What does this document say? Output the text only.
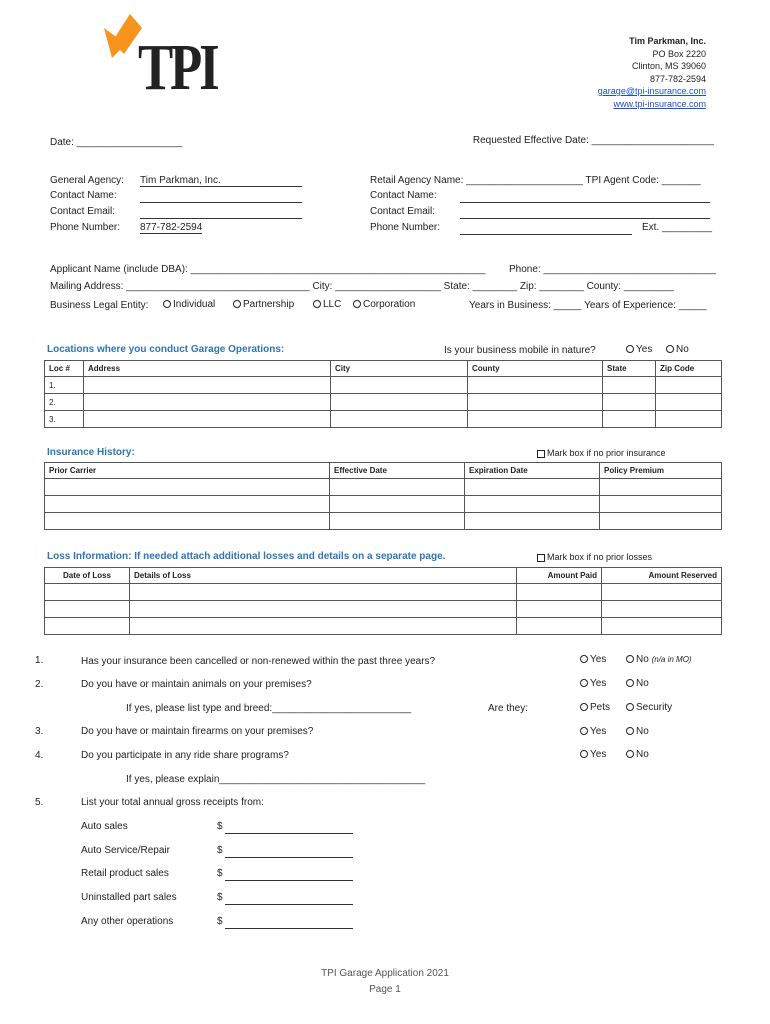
TPI	Tim Parkman, Inc.
PO Box 2220
Clinton, MS 39060
877-782-2594
garage@tpi-insurance.com
www.tpi-insurance.com
Date: ___________________	Requested Effective Date: ______________________
General Agency: Tim Parkman, Inc.
Contact Name:
Contact Email:
Phone Number: 877-782-2594
Retail Agency Name: _____________________ TPI Agent Code: _______
Contact Name:
Contact Email:
Phone Number:	Ext. _________
Applicant Name (include DBA): _____________________________________________________ Phone: _______________________________
Mailing Address: _________________________________ City: ___________________ State: ________ Zip: ________ County: _________
Business Legal Entity:	Individual	Partnership	LLC	Corporation	Years in Business: _____ Years of Experience: _____
Locations where you conduct Garage Operations:	Is your business mobile in nature?	Yes	No
Loc #	Address	City	County	State	Zip Code
1.					
2.					
3.					
Insurance History:	Mark box if no prior insurance
Prior Carrier	Effective Date	Expiration Date	Policy Premium

Loss Information: If needed attach additional losses and details on a separate page.	Mark box if no prior losses
Date of Loss	Details of Loss	Amount Paid	Amount Reserved

1.	Has your insurance been cancelled or non-renewed within the past three years?	Yes	No (n/a in MO)
2.	Do you have or maintain animals on your premises?	Yes	No
If yes, please list type and breed:_________________________	Are they:	Pets	Security
3.	Do you have or maintain firearms on your premises?	Yes	No
4.	Do you participate in any ride share programs?	Yes	No
If yes, please explain_____________________________________
5.	List your total annual gross receipts from:
Auto sales	$
Auto Service/Repair	$
Retail product sales	$
Uninstalled part sales	$
Any other operations	$
TPI Garage Application 2021
Page 1
